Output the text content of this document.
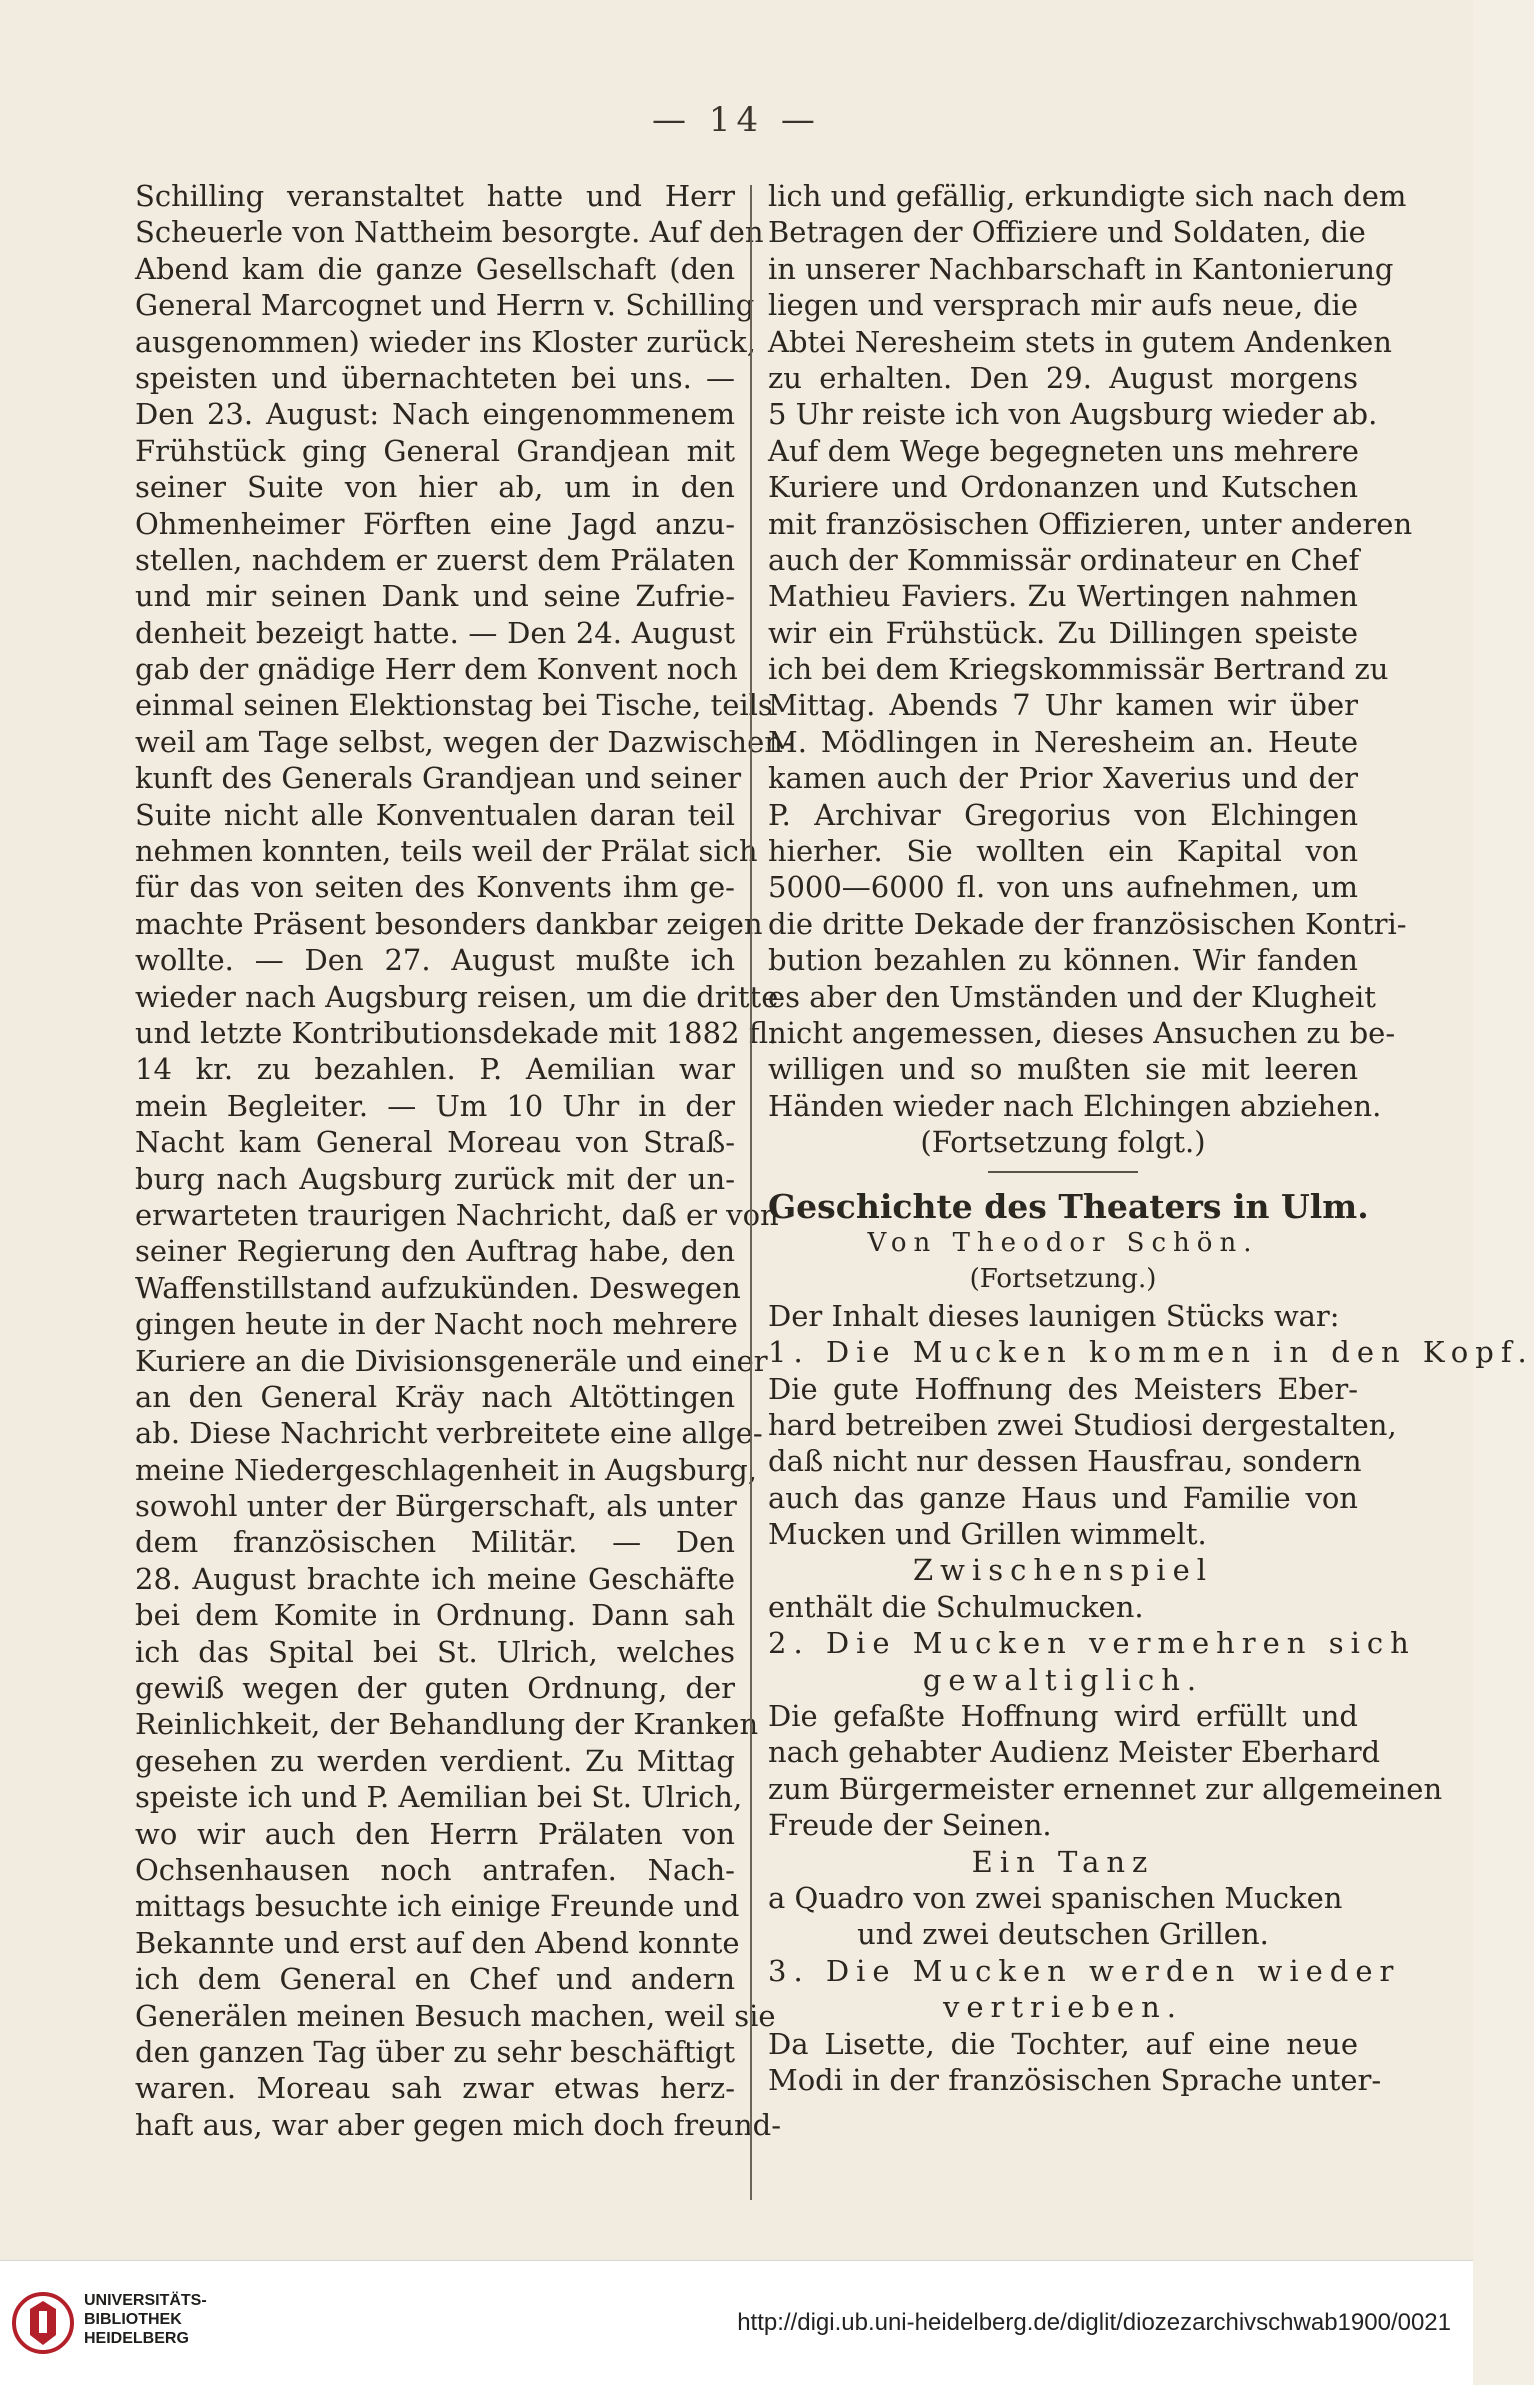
— 14 —
Schilling veranstaltet hatte und Herr
Scheuerle von Nattheim besorgte. Auf den
Abend kam die ganze Gesellschaft (den
General Marcognet und Herrn v. Schilling
ausgenommen) wieder ins Kloster zurück,
speisten und übernachteten bei uns. —
Den 23. August: Nach eingenommenem
Frühstück ging General Grandjean mit
seiner Suite von hier ab, um in den
Ohmenheimer Förften eine Jagd anzu-
stellen, nachdem er zuerst dem Prälaten
und mir seinen Dank und seine Zufrie-
denheit bezeigt hatte. — Den 24. August
gab der gnädige Herr dem Konvent noch
einmal seinen Elektionstag bei Tische, teils
weil am Tage selbst, wegen der Dazwischen-
kunft des Generals Grandjean und seiner
Suite nicht alle Konventualen daran teil
nehmen konnten, teils weil der Prälat sich
für das von seiten des Konvents ihm ge-
machte Präsent besonders dankbar zeigen
wollte. — Den 27. August mußte ich
wieder nach Augsburg reisen, um die dritte
und letzte Kontributionsdekade mit 1882 fl.
14 kr. zu bezahlen. P. Aemilian war
mein Begleiter. — Um 10 Uhr in der
Nacht kam General Moreau von Straß-
burg nach Augsburg zurück mit der un-
erwarteten traurigen Nachricht, daß er von
seiner Regierung den Auftrag habe, den
Waffenstillstand aufzukünden. Deswegen
gingen heute in der Nacht noch mehrere
Kuriere an die Divisionsgeneräle und einer
an den General Kräy nach Altöttingen
ab. Diese Nachricht verbreitete eine allge-
meine Niedergeschlagenheit in Augsburg,
sowohl unter der Bürgerschaft, als unter
dem französischen Militär. — Den
28. August brachte ich meine Geschäfte
bei dem Komite in Ordnung. Dann sah
ich das Spital bei St. Ulrich, welches
gewiß wegen der guten Ordnung, der
Reinlichkeit, der Behandlung der Kranken
gesehen zu werden verdient. Zu Mittag
speiste ich und P. Aemilian bei St. Ulrich,
wo wir auch den Herrn Prälaten von
Ochsenhausen noch antrafen. Nach-
mittags besuchte ich einige Freunde und
Bekannte und erst auf den Abend konnte
ich dem General en Chef und andern
Generälen meinen Besuch machen, weil sie
den ganzen Tag über zu sehr beschäftigt
waren. Moreau sah zwar etwas herz-
haft aus, war aber gegen mich doch freund-
lich und gefällig, erkundigte sich nach dem
Betragen der Offiziere und Soldaten, die
in unserer Nachbarschaft in Kantonierung
liegen und versprach mir aufs neue, die
Abtei Neresheim stets in gutem Andenken
zu erhalten. Den 29. August morgens
5 Uhr reiste ich von Augsburg wieder ab.
Auf dem Wege begegneten uns mehrere
Kuriere und Ordonanzen und Kutschen
mit französischen Offizieren, unter anderen
auch der Kommissär ordinateur en Chef
Mathieu Faviers. Zu Wertingen nahmen
wir ein Frühstück. Zu Dillingen speiste
ich bei dem Kriegskommissär Bertrand zu
Mittag. Abends 7 Uhr kamen wir über
M. Mödlingen in Neresheim an. Heute
kamen auch der Prior Xaverius und der
P. Archivar Gregorius von Elchingen
hierher. Sie wollten ein Kapital von
5000—6000 fl. von uns aufnehmen, um
die dritte Dekade der französischen Kontri-
bution bezahlen zu können. Wir fanden
es aber den Umständen und der Klugheit
nicht angemessen, dieses Ansuchen zu be-
willigen und so mußten sie mit leeren
Händen wieder nach Elchingen abziehen.
(Fortsetzung folgt.)
Geschichte des Theaters in Ulm.
Von Theodor Schön.
(Fortsetzung.)
Der Inhalt dieses launigen Stücks war:
1. Die Mucken kommen in den Kopf.
Die gute Hoffnung des Meisters Eber-
hard betreiben zwei Studiosi dergestalten,
daß nicht nur dessen Hausfrau, sondern
auch das ganze Haus und Familie von
Mucken und Grillen wimmelt.
Zwischenspiel
enthält die Schulmucken.
2. Die Mucken vermehren sich
gewaltiglich.
Die gefaßte Hoffnung wird erfüllt und
nach gehabter Audienz Meister Eberhard
zum Bürgermeister ernennet zur allgemeinen
Freude der Seinen.
Ein Tanz
a Quadro von zwei spanischen Mucken
und zwei deutschen Grillen.
3. Die Mucken werden wieder
vertrieben.
Da Lisette, die Tochter, auf eine neue
Modi in der französischen Sprache unter-
UNIVERSITÄTS-
BIBLIOTHEK
HEIDELBERG
http://digi.ub.uni-heidelberg.de/diglit/diozezarchivschwab1900/0021
